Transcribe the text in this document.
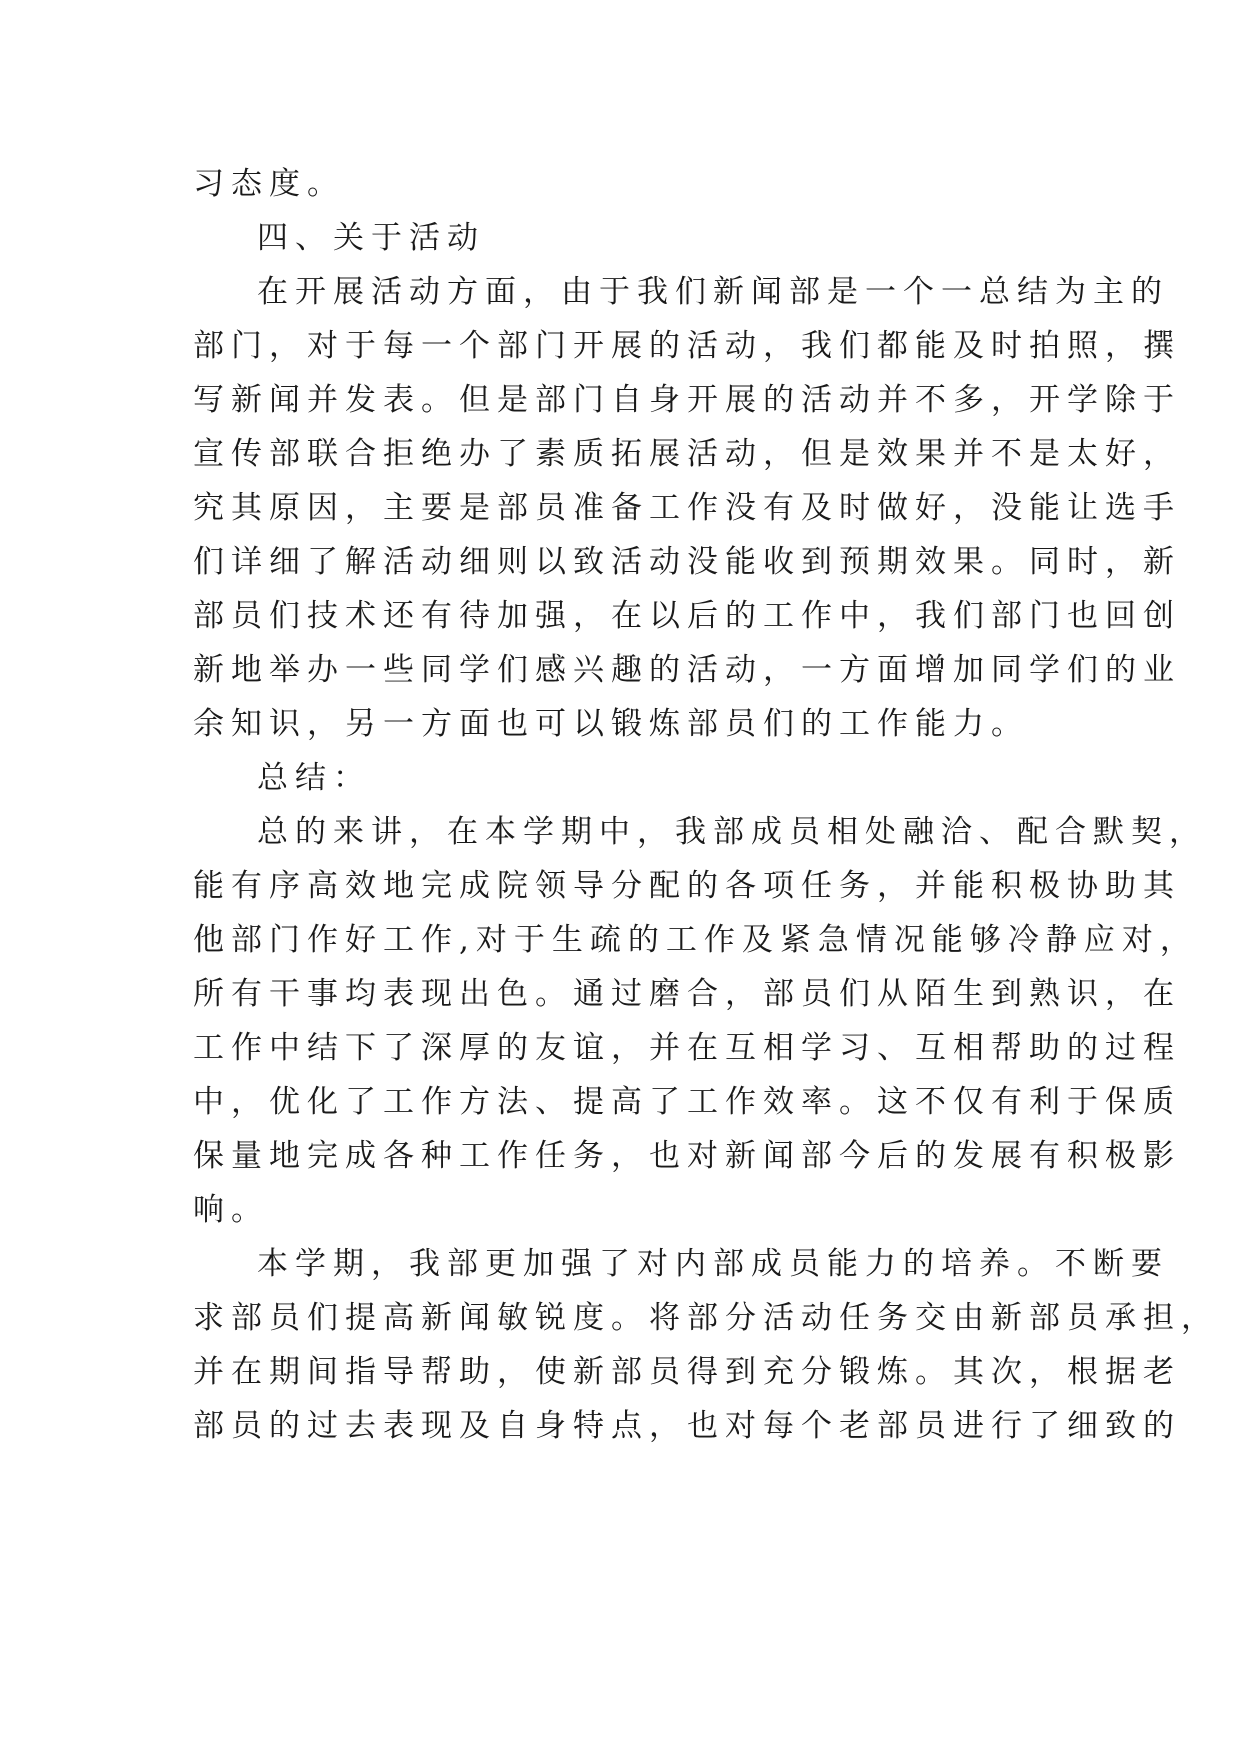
习态度。
四、关于活动
在开展活动方面，由于我们新闻部是一个一总结为主的
部门，对于每一个部门开展的活动，我们都能及时拍照，撰
写新闻并发表。但是部门自身开展的活动并不多，开学除于
宣传部联合拒绝办了素质拓展活动，但是效果并不是太好，
究其原因，主要是部员准备工作没有及时做好，没能让选手
们详细了解活动细则以致活动没能收到预期效果。同时，新
部员们技术还有待加强，在以后的工作中，我们部门也回创
新地举办一些同学们感兴趣的活动，一方面增加同学们的业
余知识，另一方面也可以锻炼部员们的工作能力。
总结：
总的来讲，在本学期中，我部成员相处融洽、配合默契，
能有序高效地完成院领导分配的各项任务，并能积极协助其
他部门作好工作,对于生疏的工作及紧急情况能够冷静应对，
所有干事均表现出色。通过磨合，部员们从陌生到熟识，在
工作中结下了深厚的友谊，并在互相学习、互相帮助的过程
中，优化了工作方法、提高了工作效率。这不仅有利于保质
保量地完成各种工作任务，也对新闻部今后的发展有积极影
响。
本学期，我部更加强了对内部成员能力的培养。不断要
求部员们提高新闻敏锐度。将部分活动任务交由新部员承担，
并在期间指导帮助，使新部员得到充分锻炼。其次，根据老
部员的过去表现及自身特点，也对每个老部员进行了细致的
